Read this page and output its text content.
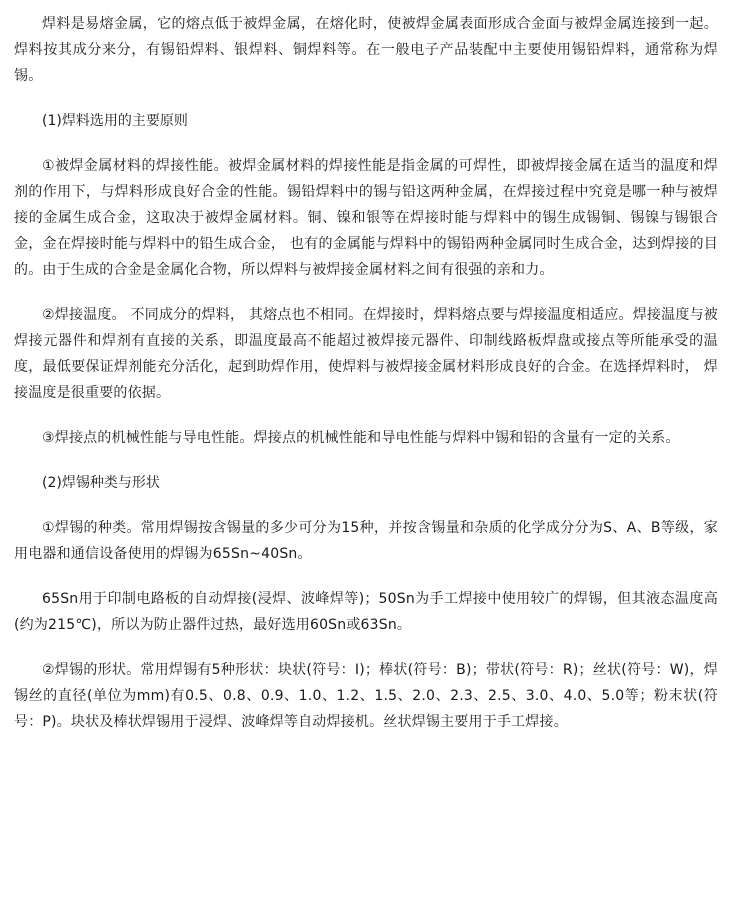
焊料是易熔金属，它的熔点低于被焊金属，在熔化时，使被焊金属表面形成合金面与被焊金属连接到一起。焊料按其成分来分，有锡铅焊料、银焊料、铜焊料等。在一般电子产品装配中主要使用锡铅焊料，通常称为焊锡。

(1)焊料选用的主要原则

①被焊金属材料的焊接性能。被焊金属材料的焊接性能是指金属的可焊性，即被焊接金属在适当的温度和焊剂的作用下，与焊料形成良好合金的性能。锡铅焊料中的锡与铅这两种金属，在焊接过程中究竟是哪一种与被焊接的金属生成合金，这取决于被焊金属材料。铜、镍和银等在焊接时能与焊料中的锡生成锡铜、锡镍与锡银合金，金在焊接时能与焊料中的铅生成合金， 也有的金属能与焊料中的锡铅两种金属同时生成合金，达到焊接的目的。由于生成的合金是金属化合物，所以焊料与被焊接金属材料之间有很强的亲和力。

②焊接温度。 不同成分的焊料， 其熔点也不相同。在焊接时，焊料熔点要与焊接温度相适应。焊接温度与被焊接元器件和焊剂有直接的关系，即温度最高不能超过被焊接元器件、印制线路板焊盘或接点等所能承受的温度，最低要保证焊剂能充分活化，起到助焊作用，使焊料与被焊接金属材料形成良好的合金。在选择焊料时， 焊接温度是很重要的依据。

③焊接点的机械性能与导电性能。焊接点的机械性能和导电性能与焊料中锡和铅的含量有一定的关系。

(2)焊锡种类与形状

①焊锡的种类。常用焊锡按含锡量的多少可分为15种，并按含锡量和杂质的化学成分分为S、A、B等级，家用电器和通信设备使用的焊锡为65Sn~40Sn。

65Sn用于印制电路板的自动焊接(浸焊、波峰焊等)；50Sn为手工焊接中使用较广的焊锡，但其液态温度高(约为215℃)，所以为防止器件过热，最好选用60Sn或63Sn。

②焊锡的形状。常用焊锡有5种形状：块状(符号：I)；棒状(符号：B)；带状(符号：R)；丝状(符号：W)，焊锡丝的直径(单位为mm)有0.5、0.8、0.9、1.0、1.2、1.5、2.0、2.3、2.5、3.0、4.0、5.0等；粉末状(符号：P)。块状及棒状焊锡用于浸焊、波峰焊等自动焊接机。丝状焊锡主要用于手工焊接。
